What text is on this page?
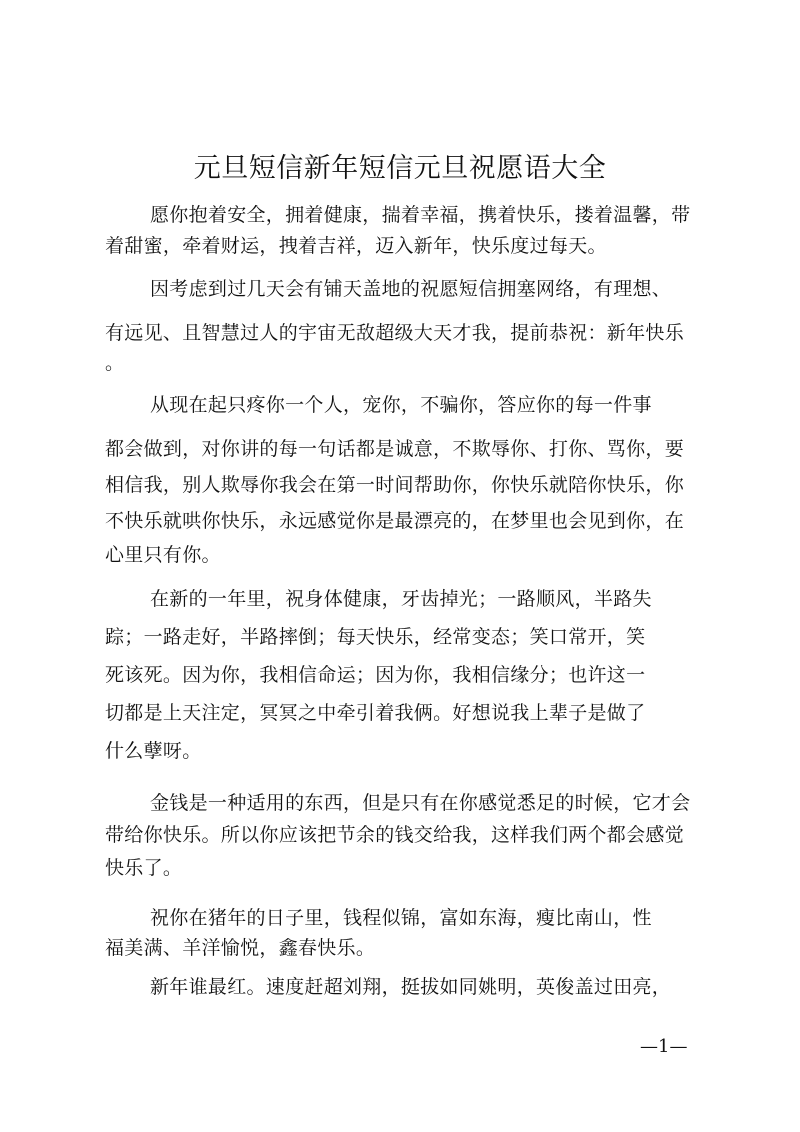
元旦短信新年短信元旦祝愿语大全
愿你抱着安全，拥着健康，揣着幸福，携着快乐，搂着温馨，带
着甜蜜，牵着财运，拽着吉祥，迈入新年，快乐度过每天。
因考虑到过几天会有铺天盖地的祝愿短信拥塞网络，有理想、
有远见、且智慧过人的宇宙无敌超级大天才我，提前恭祝：新年快乐
。
从现在起只疼你一个人，宠你，不骗你，答应你的每一件事
都会做到，对你讲的每一句话都是诚意，不欺辱你、打你、骂你，要
相信我，别人欺辱你我会在第一时间帮助你，你快乐就陪你快乐，你
不快乐就哄你快乐，永远感觉你是最漂亮的，在梦里也会见到你，在
心里只有你。
在新的一年里，祝身体健康，牙齿掉光；一路顺风，半路失
踪；一路走好，半路摔倒；每天快乐，经常变态；笑口常开，笑
死该死。因为你，我相信命运；因为你，我相信缘分；也许这一
切都是上天注定，冥冥之中牵引着我俩。好想说我上辈子是做了
什么孽呀。
金钱是一种适用的东西，但是只有在你感觉悉足的时候，它才会
带给你快乐。所以你应该把节余的钱交给我，这样我们两个都会感觉
快乐了。
祝你在猪年的日子里，钱程似锦，富如东海，瘦比南山，性
福美满、羊洋愉悦，鑫春快乐。
新年谁最红。速度赶超刘翔，挺拔如同姚明，英俊盖过田亮，
—1—
